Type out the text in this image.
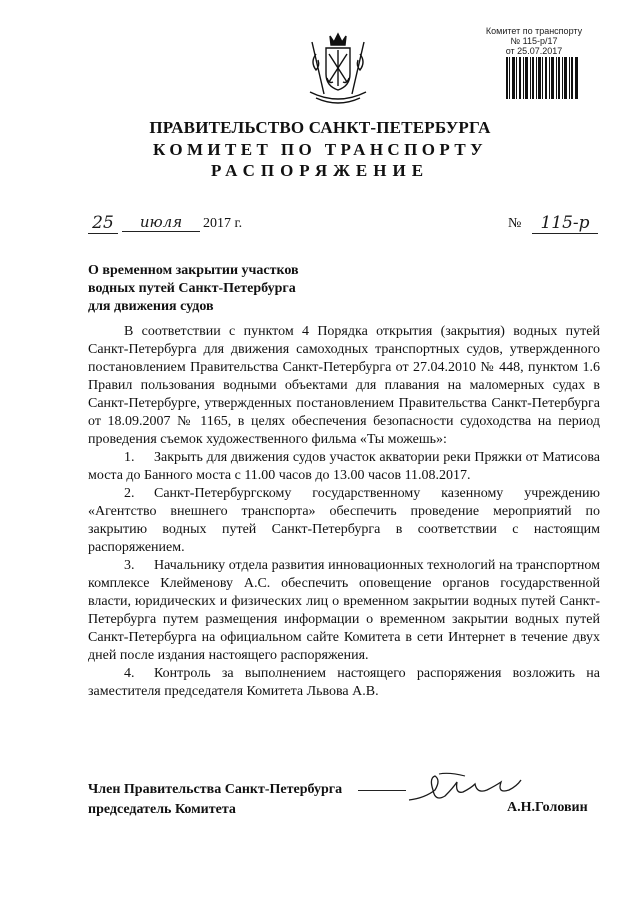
Комитет по транспорту
№ 115-р/17
от 25.07.2017
ПРАВИТЕЛЬСТВО САНКТ-ПЕТЕРБУРГА
КОМИТЕТ ПО ТРАНСПОРТУ
РАСПОРЯЖЕНИЕ
25	июля	2017 г.	№	115-р
О временном закрытии участков
водных путей Санкт-Петербурга
для движения судов

В соответствии с пунктом 4 Порядка открытия (закрытия) водных путей Санкт-Петербурга для движения самоходных транспортных судов, утвержденного постановлением Правительства Санкт-Петербурга от 27.04.2010 № 448, пунктом 1.6 Правил пользования водными объектами для плавания на маломерных судах в Санкт-Петербурге, утвержденных постановлением Правительства Санкт-Петербурга от 18.09.2007 № 1165, в целях обеспечения безопасности судоходства на период проведения съемок художественного фильма «Ты можешь»:

1. Закрыть для движения судов участок акватории реки Пряжки от Матисова моста до Банного моста с 11.00 часов до 13.00 часов 11.08.2017.

2. Санкт-Петербургскому государственному казенному учреждению «Агентство внешнего транспорта» обеспечить проведение мероприятий по закрытию водных путей Санкт-Петербурга в соответствии с настоящим распоряжением.

3. Начальнику отдела развития инновационных технологий на транспортном комплексе Клейменову А.С. обеспечить оповещение органов государственной власти, юридических и физических лиц о временном закрытии водных путей Санкт-Петербурга путем размещения информации о временном закрытии водных путей Санкт-Петербурга на официальном сайте Комитета в сети Интернет в течение двух дней после издания настоящего распоряжения.

4. Контроль за выполнением настоящего распоряжения возложить на заместителя председателя Комитета Львова А.В.

Член Правительства Санкт-Петербурга
председатель Комитета	А.Н.Головин
